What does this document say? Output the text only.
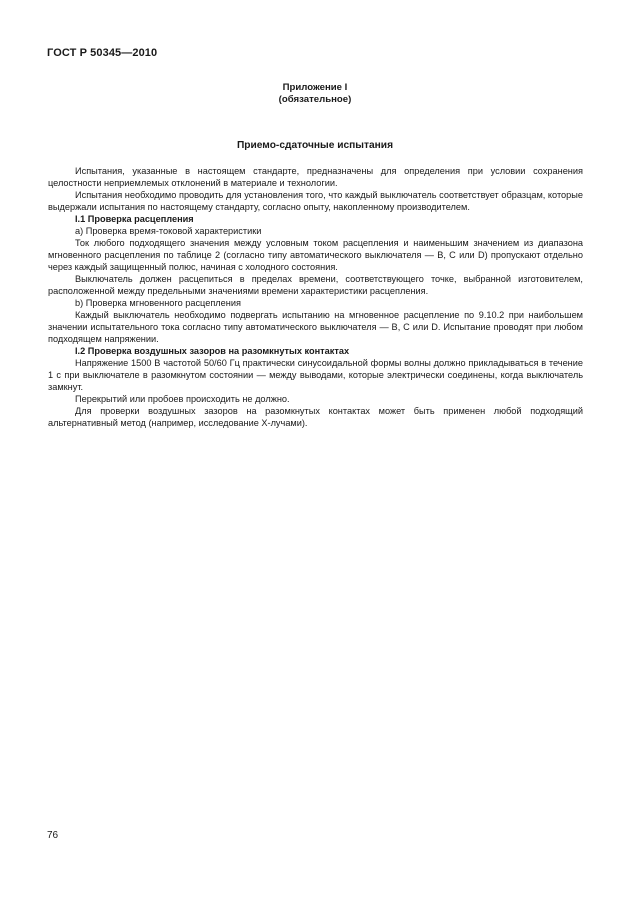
ГОСТ Р 50345—2010
Приложение I
(обязательное)
Приемо-сдаточные испытания

Испытания, указанные в настоящем стандарте, предназначены для определения при условии сохранения целостности неприемлемых отклонений в материале и технологии.

Испытания необходимо проводить для установления того, что каждый выключатель соответствует образцам, которые выдержали испытания по настоящему стандарту, согласно опыту, накопленному производителем.

I.1 Проверка расцепления

a) Проверка время-токовой характеристики

Ток любого подходящего значения между условным током расцепления и наименьшим значением из диапазона мгновенного расцепления по таблице 2 (согласно типу автоматического выключателя — B, C или D) пропускают отдельно через каждый защищенный полюс, начиная с холодного состояния.

Выключатель должен расцепиться в пределах времени, соответствующего точке, выбранной изготовителем, расположенной между предельными значениями времени характеристики расцепления.

b) Проверка мгновенного расцепления

Каждый выключатель необходимо подвергать испытанию на мгновенное расцепление по 9.10.2 при наибольшем значении испытательного тока согласно типу автоматического выключателя — B, C или D. Испытание проводят при любом подходящем напряжении.

I.2 Проверка воздушных зазоров на разомкнутых контактах

Напряжение 1500 В частотой 50/60 Гц практически синусоидальной формы волны должно прикладываться в течение 1 с при выключателе в разомкнутом состоянии — между выводами, которые электрически соединены, когда выключатель замкнут.

Перекрытий или пробоев происходить не должно.

Для проверки воздушных зазоров на разомкнутых контактах может быть применен любой подходящий альтернативный метод (например, исследование X-лучами).

76
